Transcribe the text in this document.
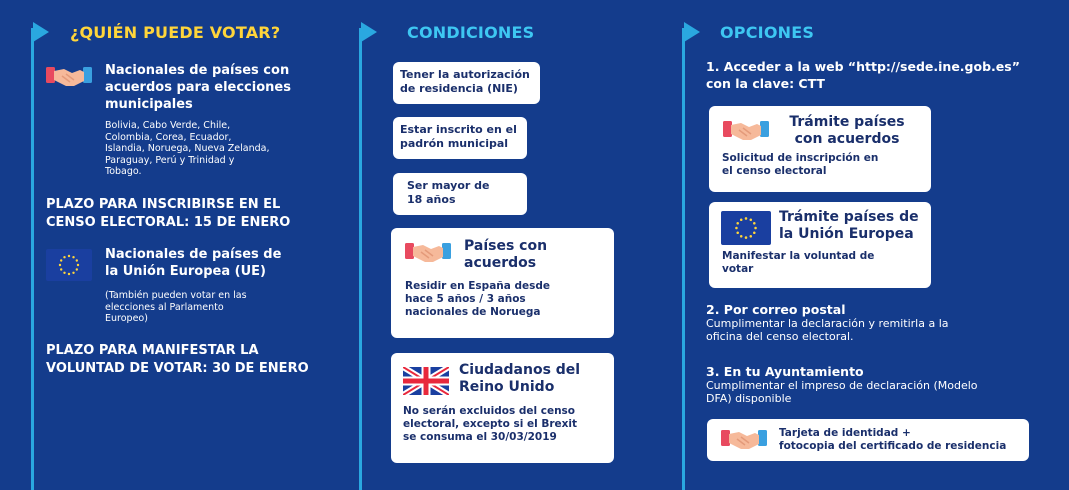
¿QUIÉN PUEDE VOTAR?
Nacionales de países con
acuerdos para elecciones
municipales
Bolivia, Cabo Verde, Chile,
Colombia, Corea, Ecuador,
Islandia, Noruega, Nueva Zelanda,
Paraguay, Perú y Trinidad y
Tobago.
PLAZO PARA INSCRIBIRSE EN EL
CENSO ELECTORAL: 15 DE ENERO
Nacionales de países de
la Unión Europea (UE)
(También pueden votar en las
elecciones al Parlamento
Europeo)
PLAZO PARA MANIFESTAR LA
VOLUNTAD DE VOTAR: 30 DE ENERO
CONDICIONES
Tener la autorización
de residencia (NIE)
Estar inscrito en el
padrón municipal
Ser mayor de
18 años
Países con
acuerdos
Residir en España desde
hace 5 años / 3 años
nacionales de Noruega
Ciudadanos del
Reino Unido
No serán excluidos del censo
electoral, excepto si el Brexit
se consuma el 30/03/2019
OPCIONES
1. Acceder a la web “http://sede.ine.gob.es”
con la clave: CTT
Trámite países
con acuerdos
Solicitud de inscripción en
el censo electoral
Trámite países de
la Unión Europea
Manifestar la voluntad de
votar
2. Por correo postal
Cumplimentar la declaración y remitirla a la
oficina del censo electoral.
3. En tu Ayuntamiento
Cumplimentar el impreso de declaración (Modelo
DFA) disponible
Tarjeta de identidad +
fotocopia del certificado de residencia
